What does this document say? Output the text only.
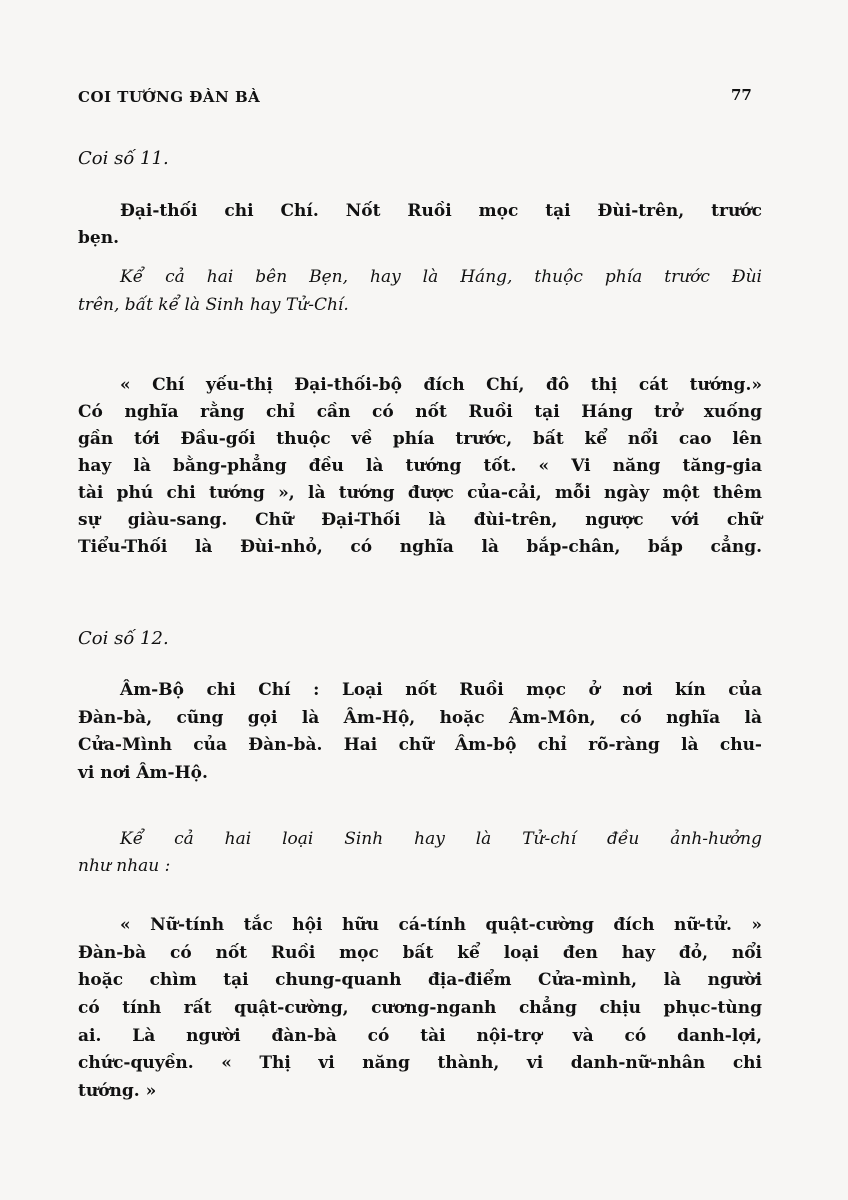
COI TƯỚNG ĐÀN BÀ	77
Coi số 11.
Đại-thối chi Chí. Nốt Ruồi mọc tại Đùi-trên, trước
bẹn.
Kể cả hai bên Bẹn, hay là Háng, thuộc phía trước Đùi
trên, bất kể là Sinh hay Tử-Chí.
« Chí yếu-thị Đại-thối-bộ đích Chí, đô thị cát tướng.»
Có nghĩa rằng chỉ cần có nốt Ruồi tại Háng trở xuống
gần tới Đầu-gối thuộc về phía trước, bất kể nổi cao lên
hay là bằng-phẳng đều là tướng tốt. « Vi năng tăng-gia
tài phú chi tướng », là tướng được của-cải, mỗi ngày một thêm
sự giàu-sang. Chữ Đại-Thối là đùi-trên, ngược với chữ
Tiểu-Thối là Đùi-nhỏ, có nghĩa là bắp-chân, bắp cẳng.
Coi số 12.
Âm-Bộ chi Chí : Loại nốt Ruồi mọc ở nơi kín của
Đàn-bà, cũng gọi là Âm-Hộ, hoặc Âm-Môn, có nghĩa là
Cửa-Mình của Đàn-bà. Hai chữ Âm-bộ chỉ rõ-ràng là chu-
vi nơi Âm-Hộ.
Kể cả hai loại Sinh hay là Tử-chí đều ảnh-hưởng
như nhau :
« Nữ-tính tắc hội hữu cá-tính quật-cường đích nữ-tử. »
Đàn-bà có nốt Ruồi mọc bất kể loại đen hay đỏ, nổi
hoặc chìm tại chung-quanh địa-điểm Cửa-mình, là người
có tính rất quật-cường, cương-nganh chẳng chịu phục-tùng
ai. Là người đàn-bà có tài nội-trợ và có danh-lợi,
chức-quyền. « Thị vi năng thành, vi danh-nữ-nhân chi
tướng. »
